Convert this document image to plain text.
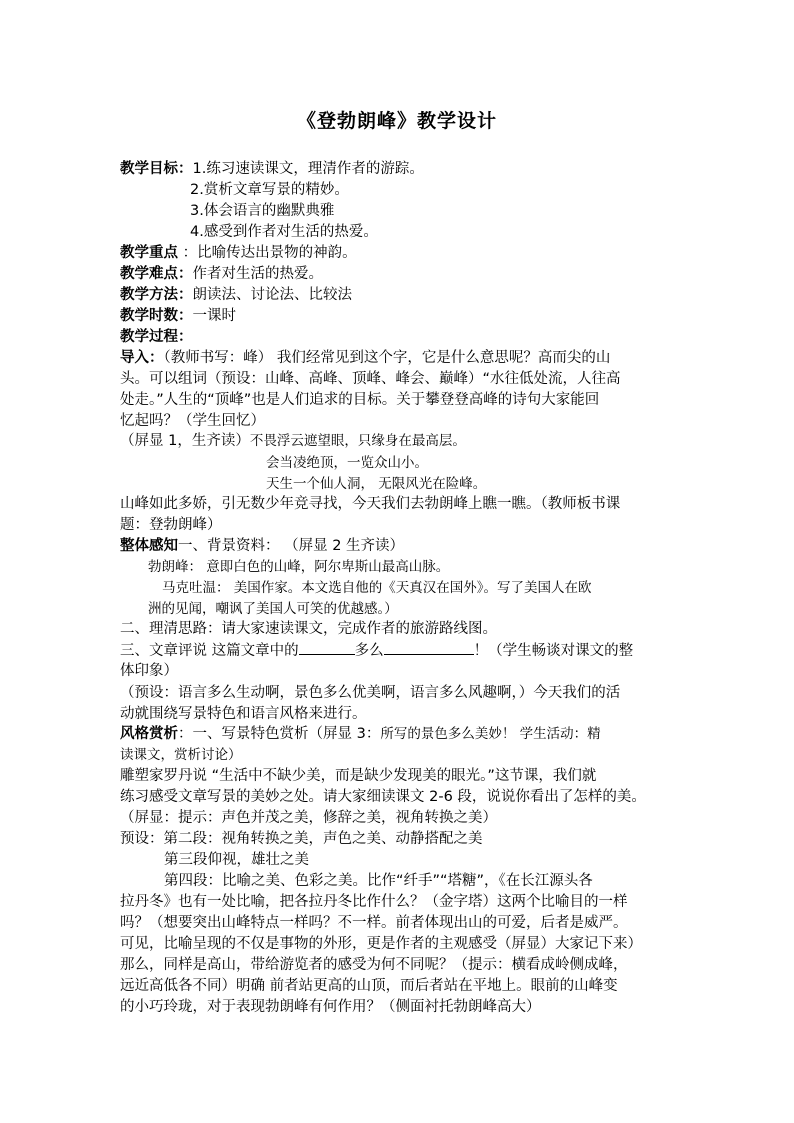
《登勃朗峰》教学设计
教学目标：1.练习速读课文，理清作者的游踪。
2.赏析文章写景的精妙。
3.体会语言的幽默典雅
4.感受到作者对生活的热爱。
教学重点 ：比喻传达出景物的神韵。
教学难点：作者对生活的热爱。
教学方法：朗读法、讨论法、比较法
教学时数：一课时
教学过程：
导入：（教师书写：峰） 我们经常见到这个字，它是什么意思呢？高而尖的山
头。可以组词（预设：山峰、高峰、顶峰、峰会、巅峰）“水往低处流，人往高
处走。”人生的“顶峰”也是人们追求的目标。关于攀登登高峰的诗句大家能回
忆起吗？（学生回忆）
（屏显 1，生齐读）不畏浮云遮望眼，只缘身在最高层。
会当凌绝顶，一览众山小。
天生一个仙人洞， 无限风光在险峰。
山峰如此多娇，引无数少年竞寻找，今天我们去勃朗峰上瞧一瞧。（教师板书课
题：登勃朗峰）
整体感知一、背景资料： （屏显 2 生齐读）
勃朗峰： 意即白色的山峰，阿尔卑斯山最高山脉。
马克吐温： 美国作家。本文选自他的《天真汉在国外》。写了美国人在欧
洲的见闻，嘲讽了美国人可笑的优越感。）
二、理清思路：请大家速读课文，完成作者的旅游路线图。
三、文章评说 这篇文章中的	多么	！（学生畅谈对课文的整
体印象）
（预设：语言多么生动啊，景色多么优美啊，语言多么风趣啊，）今天我们的活
动就围绕写景特色和语言风格来进行。
风格赏析：一、写景特色赏析（屏显 3：所写的景色多么美妙！ 学生活动：精
读课文，赏析讨论）
雕塑家罗丹说 “生活中不缺少美，而是缺少发现美的眼光。”这节课，我们就
练习感受文章写景的美妙之处。请大家细读课文 2-6 段，说说你看出了怎样的美。
（屏显：提示：声色并茂之美，修辞之美，视角转换之美）
预设：第二段：视角转换之美，声色之美、动静搭配之美
第三段仰视，雄壮之美
第四段：比喻之美、色彩之美。比作“纤手”“塔糖”，《在长江源头各
拉丹冬》也有一处比喻，把各拉丹冬比作什么？（金字塔）这两个比喻目的一样
吗？（想要突出山峰特点一样吗？不一样。前者体现出山的可爱，后者是威严。
可见，比喻呈现的不仅是事物的外形，更是作者的主观感受（屏显）大家记下来）
那么，同样是高山，带给游览者的感受为何不同呢？（提示：横看成岭侧成峰，
远近高低各不同）明确 前者站更高的山顶，而后者站在平地上。眼前的山峰变
的小巧玲珑，对于表现勃朗峰有何作用？（侧面衬托勃朗峰高大）
